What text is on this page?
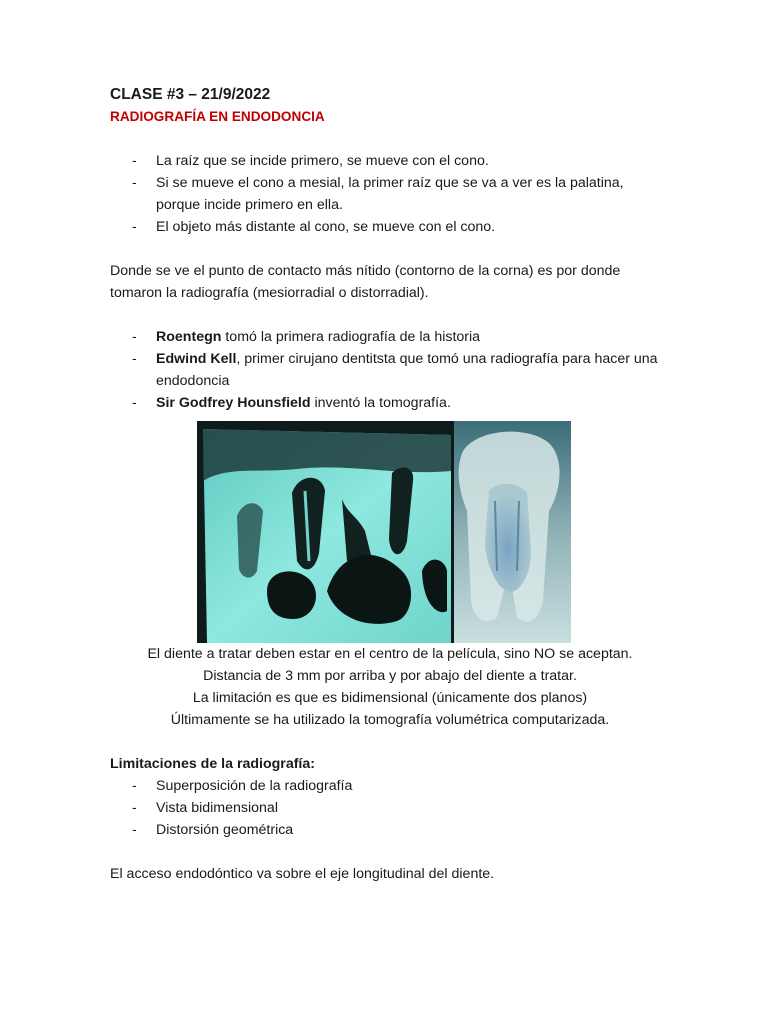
CLASE #3 – 21/9/2022

RADIOGRAFÍA EN ENDODONCIA

- La raíz que se incide primero, se mueve con el cono.
- Si se mueve el cono a mesial, la primer raíz que se va a ver es la palatina, porque incide primero en ella.
- El objeto más distante al cono, se mueve con el cono.

Donde se ve el punto de contacto más nítido (contorno de la corna) es por donde tomaron la radiografía (mesiorradial o distorradial).

- Roentegn tomó la primera radiografía de la historia
- Edwind Kell, primer cirujano dentitsta que tomó una radiografía para hacer una endodoncia
- Sir Godfrey Hounsfield inventó la tomografía.

El diente a tratar deben estar en el centro de la película, sino NO se aceptan.

Distancia de 3 mm por arriba y por abajo del diente a tratar.

La limitación es que es bidimensional (únicamente dos planos)

Últimamente se ha utilizado la tomografía volumétrica computarizada.

Limitaciones de la radiografía:

- Superposición de la radiografía
- Vista bidimensional
- Distorsión geométrica

El acceso endodóntico va sobre el eje longitudinal del diente.
